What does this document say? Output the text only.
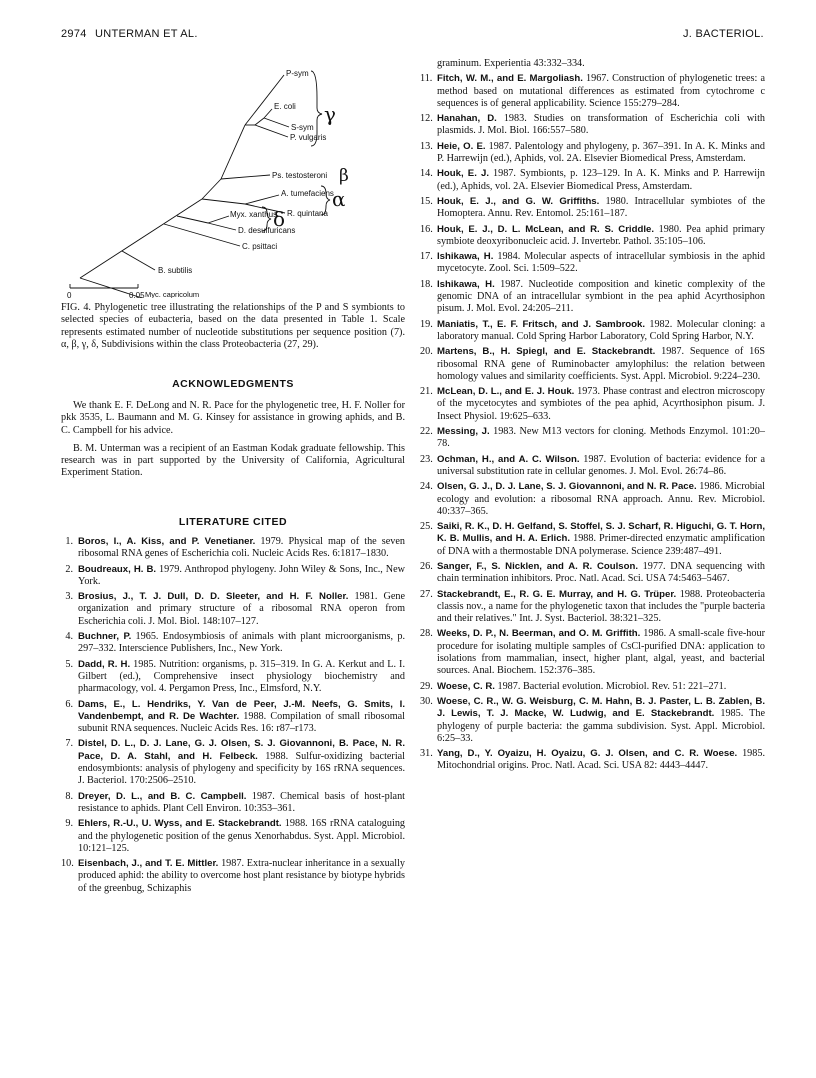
2974 UNTERMAN ET AL.	J. BACTERIOL.
P-sym
E. coli
S-sym
P. vulgaris
Ps. testosteroni
A. tumefaciens
R. quintana
Myx. xanthus
D. desulfuricans
C. psittaci
B. subtilis
Myc. capricolum
γ
β
α
δ
0	0.05
FIG. 4. Phylogenetic tree illustrating the relationships of the P and S symbionts to selected species of eubacteria, based on the data presented in Table 1. Scale represents estimated number of nucleotide substitutions per sequence position (7). α, β, γ, δ, Subdivisions within the class Proteobacteria (27, 29).
ACKNOWLEDGMENTS

We thank E. F. DeLong and N. R. Pace for the phylogenetic tree, H. F. Noller for pkk 3535, L. Baumann and M. G. Kinsey for assistance in growing aphids, and B. C. Campbell for his advice.

B. M. Unterman was a recipient of an Eastman Kodak graduate fellowship. This research was in part supported by the University of California, Agricultural Experiment Station.

LITERATURE CITED
1. Boros, I., A. Kiss, and P. Venetianer. 1979. Physical map of the seven ribosomal RNA genes of Escherichia coli. Nucleic Acids Res. 6:1817–1830.
2. Boudreaux, H. B. 1979. Anthropod phylogeny. John Wiley & Sons, Inc., New York.
3. Brosius, J., T. J. Dull, D. D. Sleeter, and H. F. Noller. 1981. Gene organization and primary structure of a ribosomal RNA operon from Escherichia coli. J. Mol. Biol. 148:107–127.
4. Buchner, P. 1965. Endosymbiosis of animals with plant microorganisms, p. 297–332. Interscience Publishers, Inc., New York.
5. Dadd, R. H. 1985. Nutrition: organisms, p. 315–319. In G. A. Kerkut and L. I. Gilbert (ed.), Comprehensive insect physiology biochemistry and pharmacology, vol. 4. Pergamon Press, Inc., Elmsford, N.Y.
6. Dams, E., L. Hendriks, Y. Van de Peer, J.-M. Neefs, G. Smits, I. Vandenbempt, and R. De Wachter. 1988. Compilation of small ribosomal subunit RNA sequences. Nucleic Acids Res. 16: r87–r173.
7. Distel, D. L., D. J. Lane, G. J. Olsen, S. J. Giovannoni, B. Pace, N. R. Pace, D. A. Stahl, and H. Felbeck. 1988. Sulfur-oxidizing bacterial endosymbionts: analysis of phylogeny and specificity by 16S rRNA sequences. J. Bacteriol. 170:2506–2510.
8. Dreyer, D. L., and B. C. Campbell. 1987. Chemical basis of host-plant resistance to aphids. Plant Cell Environ. 10:353–361.
9. Ehlers, R.-U., U. Wyss, and E. Stackebrandt. 1988. 16S rRNA cataloguing and the phylogenetic position of the genus Xenorhabdus. Syst. Appl. Microbiol. 10:121–125.
10. Eisenbach, J., and T. E. Mittler. 1987. Extra-nuclear inheritance in a sexually produced aphid: the ability to overcome host plant resistance by biotype hybrids of the greenbug, Schizaphis

graminum. Experientia 43:332–334.

11. Fitch, W. M., and E. Margoliash. 1967. Construction of phylogenetic trees: a method based on mutational differences as estimated from cytochrome c sequences is of general applicability. Science 155:279–284.
12. Hanahan, D. 1983. Studies on transformation of Escherichia coli with plasmids. J. Mol. Biol. 166:557–580.
13. Heie, O. E. 1987. Palentology and phylogeny, p. 367–391. In A. K. Minks and P. Harrewijn (ed.), Aphids, vol. 2A. Elsevier Biomedical Press, Amsterdam.
14. Houk, E. J. 1987. Symbionts, p. 123–129. In A. K. Minks and P. Harrewijn (ed.), Aphids, vol. 2A. Elsevier Biomedical Press, Amsterdam.
15. Houk, E. J., and G. W. Griffiths. 1980. Intracellular symbiotes of the Homoptera. Annu. Rev. Entomol. 25:161–187.
16. Houk, E. J., D. L. McLean, and R. S. Criddle. 1980. Pea aphid primary symbiote deoxyribonucleic acid. J. Invertebr. Pathol. 35:105–106.
17. Ishikawa, H. 1984. Molecular aspects of intracellular symbiosis in the aphid mycetocyte. Zool. Sci. 1:509–522.
18. Ishikawa, H. 1987. Nucleotide composition and kinetic complexity of the genomic DNA of an intracellular symbiont in the pea aphid Acyrthosiphon pisum. J. Mol. Evol. 24:205–211.
19. Maniatis, T., E. F. Fritsch, and J. Sambrook. 1982. Molecular cloning: a laboratory manual. Cold Spring Harbor Laboratory, Cold Spring Harbor, N.Y.
20. Martens, B., H. Spiegl, and E. Stackebrandt. 1987. Sequence of 16S ribosomal RNA gene of Ruminobacter amylophilus: the relation between homology values and similarity coefficients. Syst. Appl. Microbiol. 9:224–230.
21. McLean, D. L., and E. J. Houk. 1973. Phase contrast and electron microscopy of the mycetocytes and symbiotes of the pea aphid, Acyrthosiphon pisum. J. Insect Physiol. 19:625–633.
22. Messing, J. 1983. New M13 vectors for cloning. Methods Enzymol. 101:20–78.
23. Ochman, H., and A. C. Wilson. 1987. Evolution of bacteria: evidence for a universal substitution rate in cellular genomes. J. Mol. Evol. 26:74–86.
24. Olsen, G. J., D. J. Lane, S. J. Giovannoni, and N. R. Pace. 1986. Microbial ecology and evolution: a ribosomal RNA approach. Annu. Rev. Microbiol. 40:337–365.
25. Saiki, R. K., D. H. Gelfand, S. Stoffel, S. J. Scharf, R. Higuchi, G. T. Horn, K. B. Mullis, and H. A. Erlich. 1988. Primer-directed enzymatic amplification of DNA with a thermostable DNA polymerase. Science 239:487–491.
26. Sanger, F., S. Nicklen, and A. R. Coulson. 1977. DNA sequencing with chain termination inhibitors. Proc. Natl. Acad. Sci. USA 74:5463–5467.
27. Stackebrandt, E., R. G. E. Murray, and H. G. Trüper. 1988. Proteobacteria classis nov., a name for the phylogenetic taxon that includes the "purple bacteria and their relatives." Int. J. Syst. Bacteriol. 38:321–325.
28. Weeks, D. P., N. Beerman, and O. M. Griffith. 1986. A small-scale five-hour procedure for isolating multiple samples of CsCl-purified DNA: application to isolations from mammalian, insect, higher plant, algal, yeast, and bacterial sources. Anal. Biochem. 152:376–385.
29. Woese, C. R. 1987. Bacterial evolution. Microbiol. Rev. 51: 221–271.
30. Woese, C. R., W. G. Weisburg, C. M. Hahn, B. J. Paster, L. B. Zablen, B. J. Lewis, T. J. Macke, W. Ludwig, and E. Stackebrandt. 1985. The phylogeny of purple bacteria: the gamma subdivision. Syst. Appl. Microbiol. 6:25–33.
31. Yang, D., Y. Oyaizu, H. Oyaizu, G. J. Olsen, and C. R. Woese. 1985. Mitochondrial origins. Proc. Natl. Acad. Sci. USA 82: 4443–4447.
